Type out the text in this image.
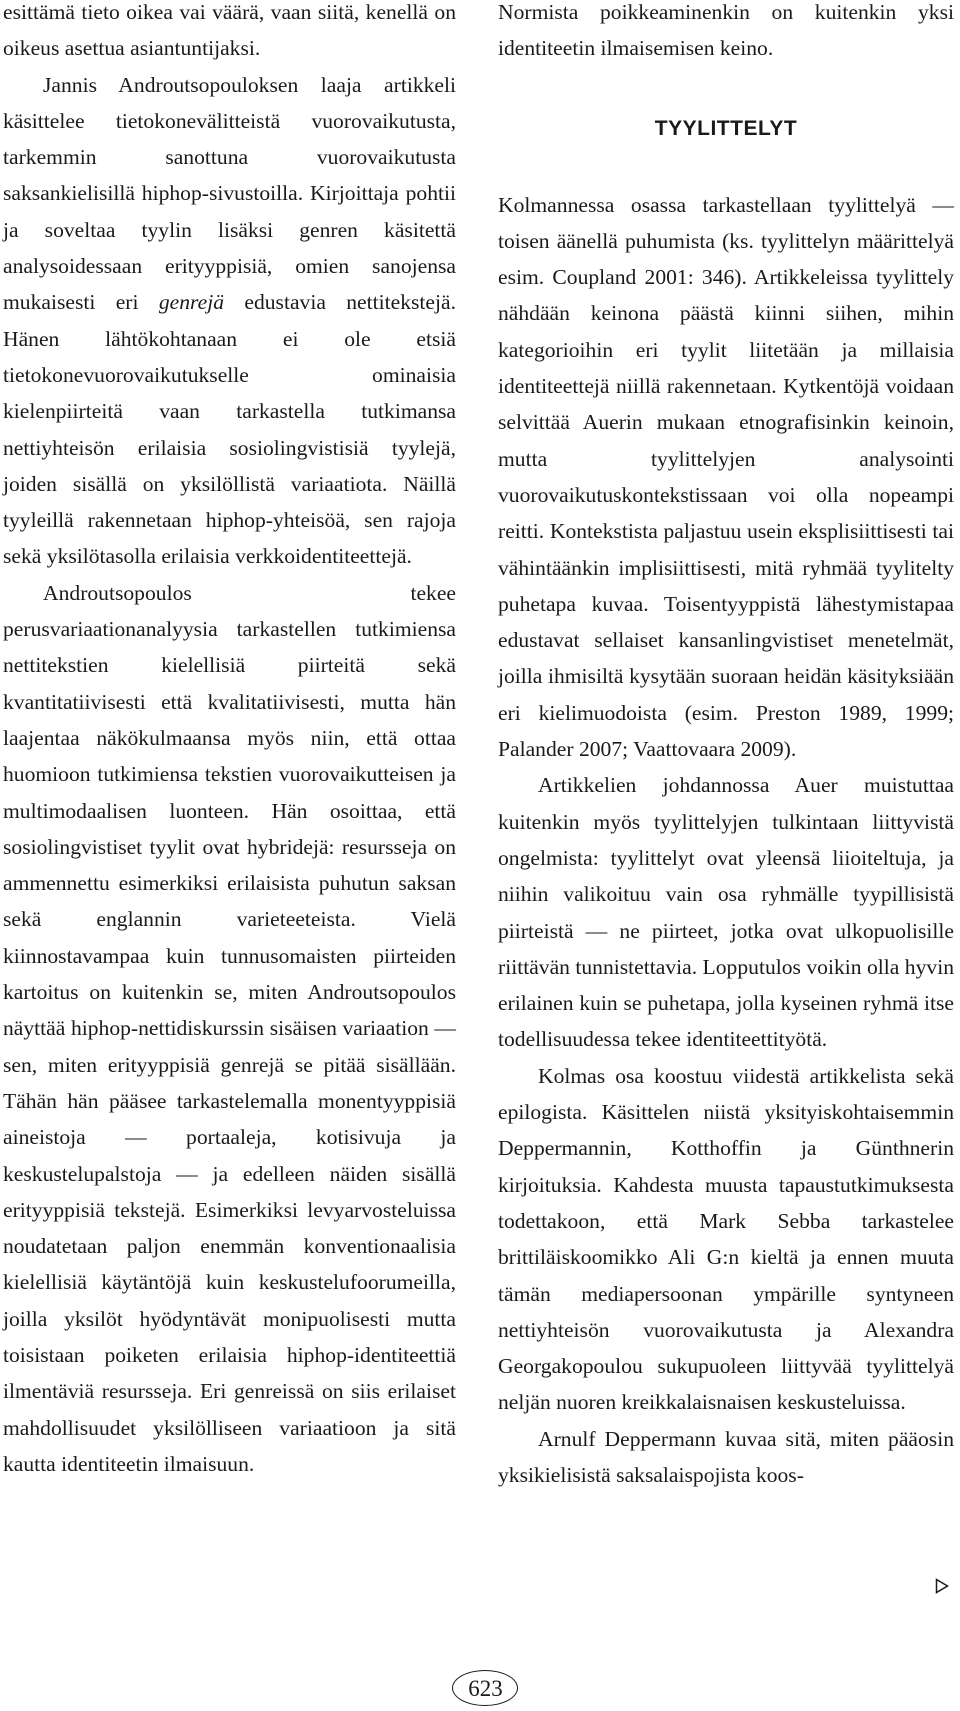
esittämä tieto oikea vai väärä, vaan siitä, kenellä on oikeus asettua asiantuntijaksi.

Jannis Androutsopouloksen laaja artikkeli käsittelee tietokonevälitteistä vuorovaikutusta, tarkemmin sanottuna vuorovaikutusta saksankielisillä hiphop-sivustoilla. Kirjoittaja pohtii ja soveltaa tyylin lisäksi genren käsitettä analysoidessaan erityyppisiä, omien sanojensa mukaisesti eri genrejä edustavia nettitekstejä. Hänen lähtökohtanaan ei ole etsiä tietokonevuorovaikutukselle ominaisia kielenpiirteitä vaan tarkastella tutkimansa nettiyhteisön erilaisia sosiolingvistisiä tyylejä, joiden sisällä on yksilöllistä variaatiota. Näillä tyyleillä rakennetaan hiphop-yhteisöä, sen rajoja sekä yksilötasolla erilaisia verkkoidentiteettejä.

Androutsopoulos tekee perusvariaationanalyysia tarkastellen tutkimiensa nettitekstien kielellisiä piirteitä sekä kvantitatiivisesti että kvalitatiivisesti, mutta hän laajentaa näkökulmaansa myös niin, että ottaa huomioon tutkimiensa tekstien vuorovaikutteisen ja multimodaalisen luonteen. Hän osoittaa, että sosiolingvistiset tyylit ovat hybridejä: resursseja on ammennettu esimerkiksi erilaisista puhutun saksan sekä englannin varieteeteista. Vielä kiinnostavampaa kuin tunnusomaisten piirteiden kartoitus on kuitenkin se, miten Androutsopoulos näyttää hiphop-nettidiskurssin sisäisen variaation — sen, miten erityyppisiä genrejä se pitää sisällään. Tähän hän pääsee tarkastelemalla monentyyppisiä aineistoja — portaaleja, kotisivuja ja keskustelupalstoja — ja edelleen näiden sisällä erityyppisiä tekstejä. Esimerkiksi levyarvosteluissa noudatetaan paljon enemmän konventionaalisia kielellisiä käytäntöjä kuin keskustelufoorumeilla, joilla yksilöt hyödyntävät monipuolisesti mutta toisistaan poiketen erilaisia hiphop-identiteettiä ilmentäviä resursseja. Eri genreissä on siis erilaiset mahdollisuudet yksilölliseen variaatioon ja sitä kautta identiteetin ilmaisuun.

Normista poikkeaminenkin on kuitenkin yksi identiteetin ilmaisemisen keino.

TYYLITTELYT

Kolmannessa osassa tarkastellaan tyylittelyä — toisen äänellä puhumista (ks. tyylittelyn määrittelyä esim. Coupland 2001: 346). Artikkeleissa tyylittely nähdään keinona päästä kiinni siihen, mihin kategorioihin eri tyylit liitetään ja millaisia identiteettejä niillä rakennetaan. Kytkentöjä voidaan selvittää Auerin mukaan etnografisinkin keinoin, mutta tyylittelyjen analysointi vuorovaikutuskontekstissaan voi olla nopeampi reitti. Kontekstista paljastuu usein eksplisiittisesti tai vähintäänkin implisiittisesti, mitä ryhmää tyylitelty puhetapa kuvaa. Toisentyyppistä lähestymistapaa edustavat sellaiset kansanlingvistiset menetelmät, joilla ihmisiltä kysytään suoraan heidän käsityksiään eri kielimuodoista (esim. Preston 1989, 1999; Palander 2007; Vaattovaara 2009).

Artikkelien johdannossa Auer muistuttaa kuitenkin myös tyylittelyjen tulkintaan liittyvistä ongelmista: tyylittelyt ovat yleensä liioiteltuja, ja niihin valikoituu vain osa ryhmälle tyypillisistä piirteistä — ne piirteet, jotka ovat ulkopuolisille riittävän tunnistettavia. Lopputulos voikin olla hyvin erilainen kuin se puhetapa, jolla kyseinen ryhmä itse todellisuudessa tekee identiteettityötä.

Kolmas osa koostuu viidestä artikkelista sekä epilogista. Käsittelen niistä yksityiskohtaisemmin Deppermannin, Kotthoffin ja Günthnerin kirjoituksia. Kahdesta muusta tapaustutkimuksesta todettakoon, että Mark Sebba tarkastelee brittiläiskoomikko Ali G:n kieltä ja ennen muuta tämän mediapersoonan ympärille syntyneen nettiyhteisön vuorovaikutusta ja Alexandra Georgakopoulou sukupuoleen liittyvää tyylittelyä neljän nuoren kreikkalaisnaisen keskusteluissa.

Arnulf Deppermann kuvaa sitä, miten pääosin yksikielisistä saksalaispojista koos-

623
